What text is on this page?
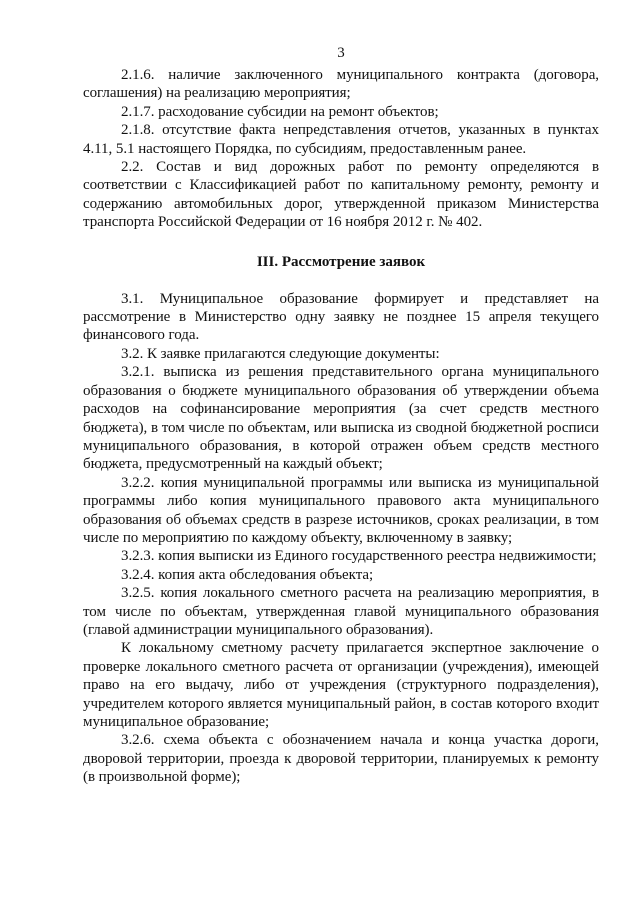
3

2.1.6. наличие заключенного муниципального контракта (договора, соглашения) на реализацию мероприятия;

2.1.7. расходование субсидии на ремонт объектов;

2.1.8. отсутствие факта непредставления отчетов, указанных в пунктах 4.11, 5.1 настоящего Порядка, по субсидиям, предоставленным ранее.

2.2. Состав и вид дорожных работ по ремонту определяются в соответствии с Классификацией работ по капитальному ремонту, ремонту и содержанию автомобильных дорог, утвержденной приказом Министерства транспорта Российской Федерации от 16 ноября 2012 г. № 402.

III. Рассмотрение заявок

3.1. Муниципальное образование формирует и представляет на рассмотрение в Министерство одну заявку не позднее 15 апреля текущего финансового года.

3.2. К заявке прилагаются следующие документы:

3.2.1. выписка из решения представительного органа муниципального образования о бюджете муниципального образования об утверждении объема расходов на софинансирование мероприятия (за счет средств местного бюджета), в том числе по объектам, или выписка из сводной бюджетной росписи муниципального образования, в которой отражен объем средств местного бюджета, предусмотренный на каждый объект;

3.2.2. копия муниципальной программы или выписка из муниципальной программы либо копия муниципального правового акта муниципального образования об объемах средств в разрезе источников, сроках реализации, в том числе по мероприятию по каждому объекту, включенному в заявку;

3.2.3. копия выписки из Единого государственного реестра недвижимости;

3.2.4. копия акта обследования объекта;

3.2.5. копия локального сметного расчета на реализацию мероприятия, в том числе по объектам, утвержденная главой муниципального образования (главой администрации муниципального образования).

К локальному сметному расчету прилагается экспертное заключение о проверке локального сметного расчета от организации (учреждения), имеющей право на его выдачу, либо от учреждения (структурного подразделения), учредителем которого является муниципальный район, в состав которого входит муниципальное образование;

3.2.6. схема объекта с обозначением начала и конца участка дороги, дворовой территории, проезда к дворовой территории, планируемых к ремонту (в произвольной форме);
